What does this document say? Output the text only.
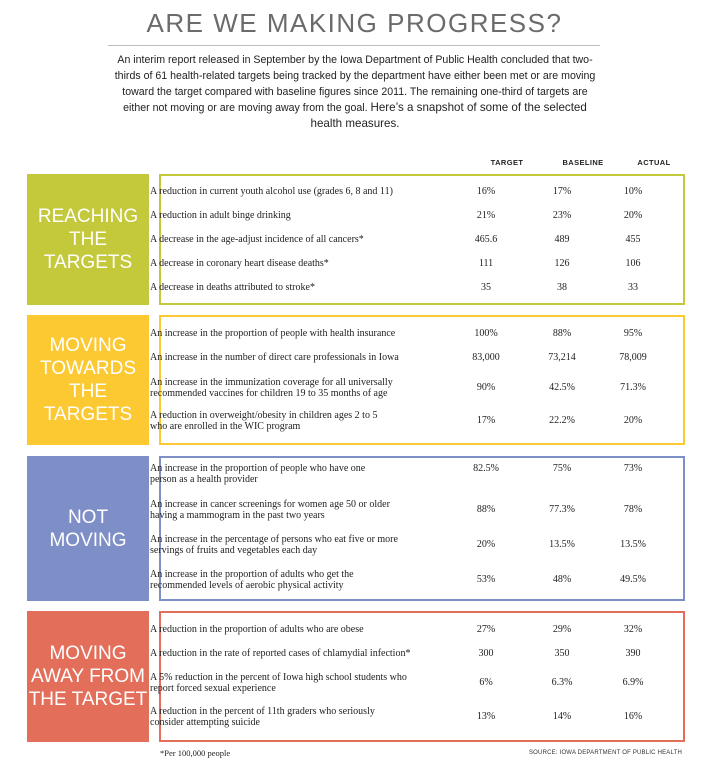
ARE WE MAKING PROGRESS?
An interim report released in September by the Iowa Department of Public Health concluded that two-thirds of 61 health-related targets being tracked by the department have either been met or are moving toward the target compared with baseline figures since 2011. The remaining one-third of targets are either not moving or are moving away from the goal. Here’s a snapshot of some of the selected health measures.
TARGET	BASELINE	ACTUAL
REACHING
THE TARGETS
A reduction in current youth alcohol use (grades 6, 8 and 11)	16%	17%	10%
A reduction in adult binge drinking	21%	23%	20%
A decrease in the age-adjust incidence of all cancers*	465.6	489	455
A decrease in coronary heart disease deaths*	111	126	106
A decrease in deaths attributed to stroke*	35	38	33
MOVING
TOWARDS
THE TARGETS
An increase in the proportion of people with health insurance	100%	88%	95%
An increase in the number of direct care professionals in Iowa	83,000	73,214	78,009
An increase in the immunization coverage for all universally
recommended vaccines for children 19 to 35 months of age
90%	42.5%	71.3%
A reduction in overweight/obesity in children ages 2 to 5
who are enrolled in the WIC program
17%	22.2%	20%
NOT
MOVING
An increase in the proportion of people who have one
person as a health provider
82.5%	75%	73%
An increase in cancer screenings for women age 50 or older
having a mammogram in the past two years
88%	77.3%	78%
An increase in the percentage of persons who eat five or more
servings of fruits and vegetables each day
20%	13.5%	13.5%
An increase in the proportion of adults who get the
recommended levels of aerobic physical activity
53%	48%	49.5%
MOVING
AWAY FROM
THE TARGET
A reduction in the proportion of adults who are obese	27%	29%	32%
A reduction in the rate of reported cases of chlamydial infection*	300	350	390
A 5% reduction in the percent of Iowa high school students who
report forced sexual experience
6%	6.3%	6.9%
A reduction in the percent of 11th graders who seriously
consider attempting suicide
13%	14%	16%
*Per 100,000 people	SOURCE: IOWA DEPARTMENT OF PUBLIC HEALTH
